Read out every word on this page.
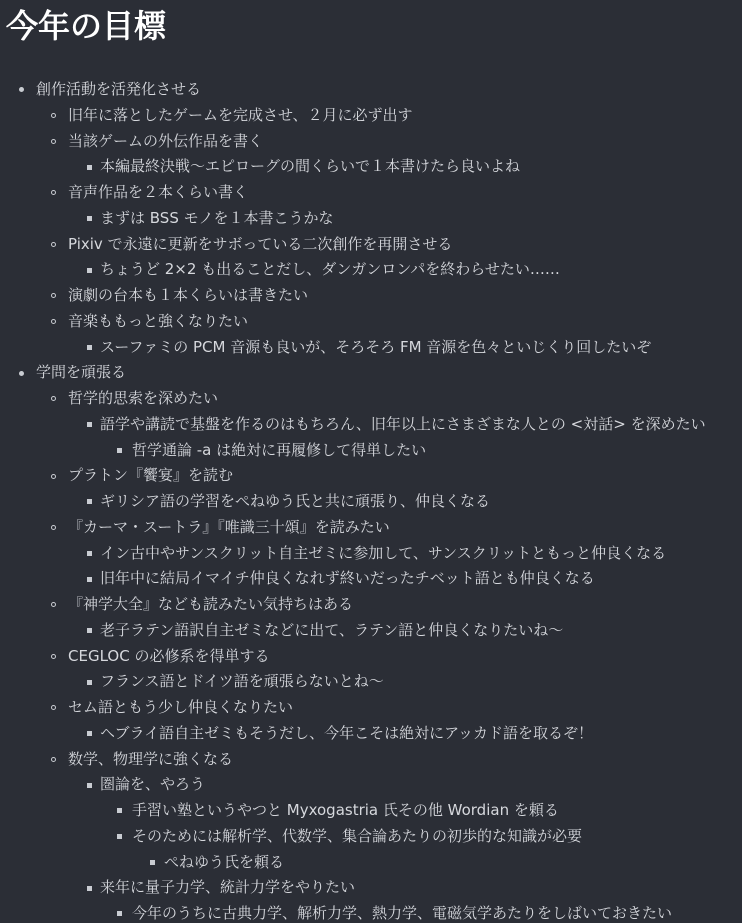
今年の目標
創作活動を活発化させる
旧年に落としたゲームを完成させ、２月に必ず出す
当該ゲームの外伝作品を書く
本編最終決戦〜エピローグの間くらいで１本書けたら良いよね
音声作品を２本くらい書く
まずは BSS モノを１本書こうかな
Pixiv で永遠に更新をサボっている二次創作を再開させる
ちょうど 2×2 も出ることだし、ダンガンロンパを終わらせたい……
演劇の台本も１本くらいは書きたい
音楽ももっと強くなりたい
スーファミの PCM 音源も良いが、そろそろ FM 音源を色々といじくり回したいぞ
学問を頑張る
哲学的思索を深めたい
語学や講読で基盤を作るのはもちろん、旧年以上にさまざまな人との <対話> を深めたい
哲学通論 -a は絶対に再履修して得単したい
プラトン『饗宴』を読む
ギリシア語の学習をぺねゆう氏と共に頑張り、仲良くなる
『カーマ・スートラ』『唯識三十頌』を読みたい
イン古中やサンスクリット自主ゼミに参加して、サンスクリットともっと仲良くなる
旧年中に結局イマイチ仲良くなれず終いだったチベット語とも仲良くなる
『神学大全』なども読みたい気持ちはある
老子ラテン語訳自主ゼミなどに出て、ラテン語と仲良くなりたいね〜
CEGLOC の必修系を得単する
フランス語とドイツ語を頑張らないとね〜
セム語ともう少し仲良くなりたい
ヘブライ語自主ゼミもそうだし、今年こそは絶対にアッカド語を取るぞ！
数学、物理学に強くなる
圏論を、やろう
手習い塾というやつと Myxogastria 氏その他 Wordian を頼る
そのためには解析学、代数学、集合論あたりの初歩的な知識が必要
ぺねゆう氏を頼る
来年に量子力学、統計力学をやりたい
今年のうちに古典力学、解析力学、熱力学、電磁気学あたりをしばいておきたい
